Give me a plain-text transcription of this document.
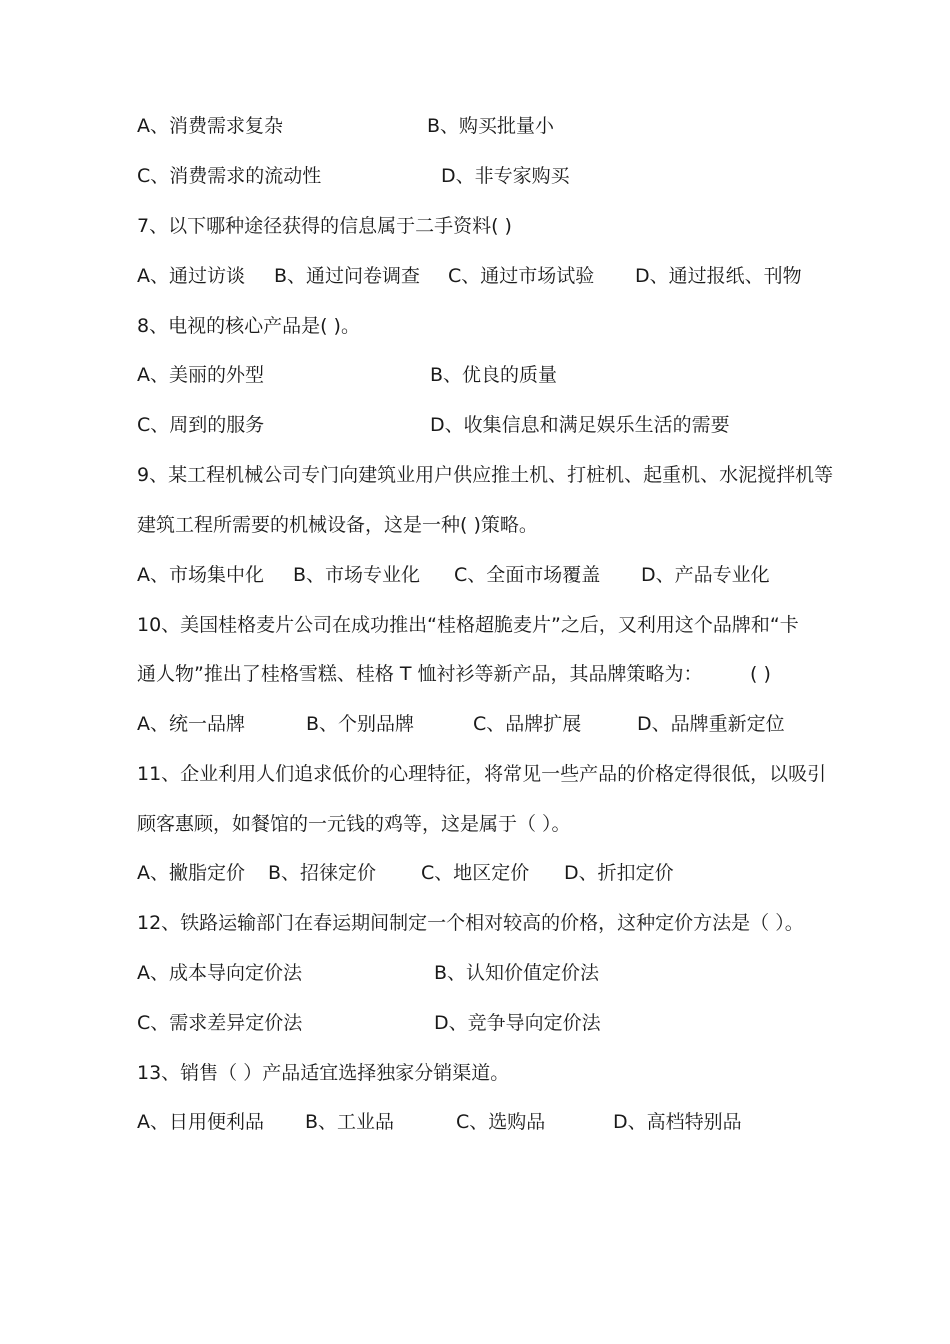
A、消费需求复杂	B、购买批量小
C、消费需求的流动性	D、非专家购买
7、以下哪种途径获得的信息属于二手资料( )
A、通过访谈 B、通过问卷调查 C、通过市场试验 D、通过报纸、刊物
8、电视的核心产品是( )。
A、美丽的外型	B、优良的质量
C、周到的服务	D、收集信息和满足娱乐生活的需要
9、某工程机械公司专门向建筑业用户供应推土机、打桩机、起重机、水泥搅拌机等
建筑工程所需要的机械设备，这是一种( )策略。
A、市场集中化 B、市场专业化 C、全面市场覆盖 D、产品专业化
10、美国桂格麦片公司在成功推出“桂格超脆麦片”之后，又利用这个品牌和“卡
通人物”推出了桂格雪糕、桂格 T 恤衬衫等新产品，其品牌策略为： ( )
A、统一品牌	B、个别品牌	C、品牌扩展	D、品牌重新定位
11、企业利用人们追求低价的心理特征，将常见一些产品的价格定得很低，以吸引
顾客惠顾，如餐馆的一元钱的鸡等，这是属于（ ）。
A、撇脂定价 B、招徕定价 C、地区定价 D、折扣定价
12、铁路运输部门在春运期间制定一个相对较高的价格，这种定价方法是（ ）。
A、成本导向定价法	B、认知价值定价法
C、需求差异定价法	D、竞争导向定价法
13、销售（ ）产品适宜选择独家分销渠道。
A、日用便利品 B、工业品	C、选购品	D、高档特别品
